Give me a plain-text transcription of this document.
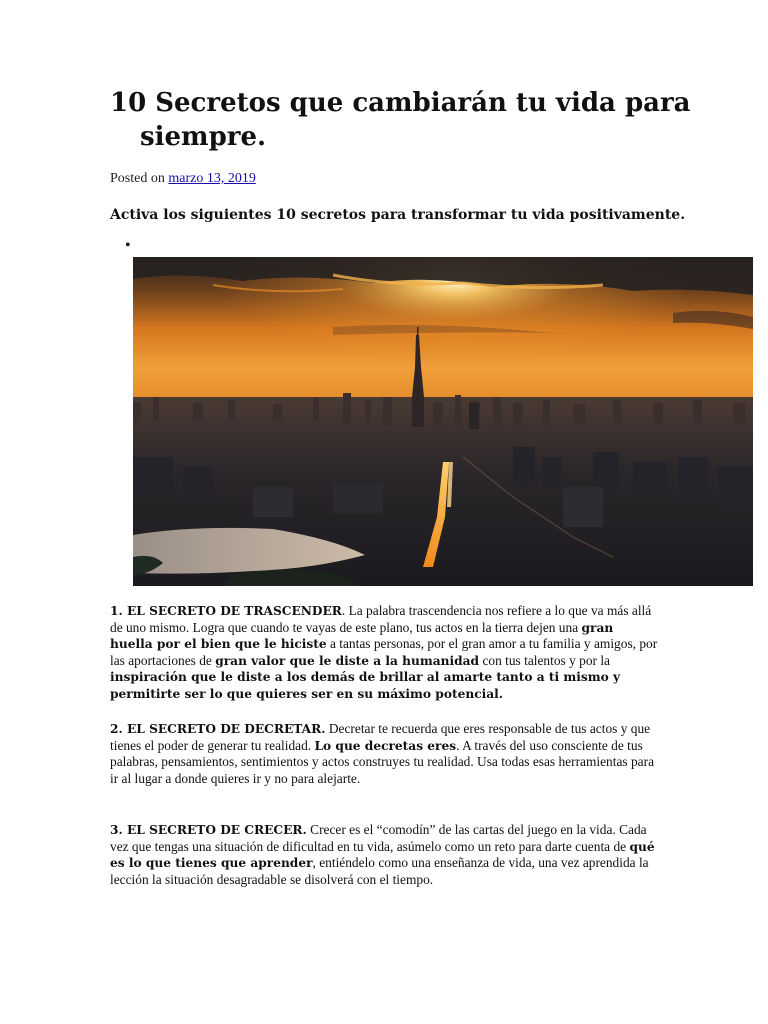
10 Secretos que cambiarán tu vida para siempre.
Posted on marzo 13, 2019

Activa los siguientes 10 secretos para transformar tu vida positivamente.

•

1. EL SECRETO DE TRASCENDER. La palabra trascendencia nos refiere a lo que va más allá de uno mismo. Logra que cuando te vayas de este plano, tus actos en la tierra dejen una gran huella por el bien que le hiciste a tantas personas, por el gran amor a tu familia y amigos, por las aportaciones de gran valor que le diste a la humanidad con tus talentos y por la inspiración que le diste a los demás de brillar al amarte tanto a ti mismo y permitirte ser lo que quieres ser en su máximo potencial.

2. EL SECRETO DE DECRETAR. Decretar te recuerda que eres responsable de tus actos y que tienes el poder de generar tu realidad. Lo que decretas eres. A través del uso consciente de tus palabras, pensamientos, sentimientos y actos construyes tu realidad. Usa todas esas herramientas para ir al lugar a donde quieres ir y no para alejarte.

3. EL SECRETO DE CRECER. Crecer es el “comodín” de las cartas del juego en la vida. Cada vez que tengas una situación de dificultad en tu vida, asúmelo como un reto para darte cuenta de qué es lo que tienes que aprender, entiéndelo como una enseñanza de vida, una vez aprendida la lección la situación desagradable se disolverá con el tiempo.
